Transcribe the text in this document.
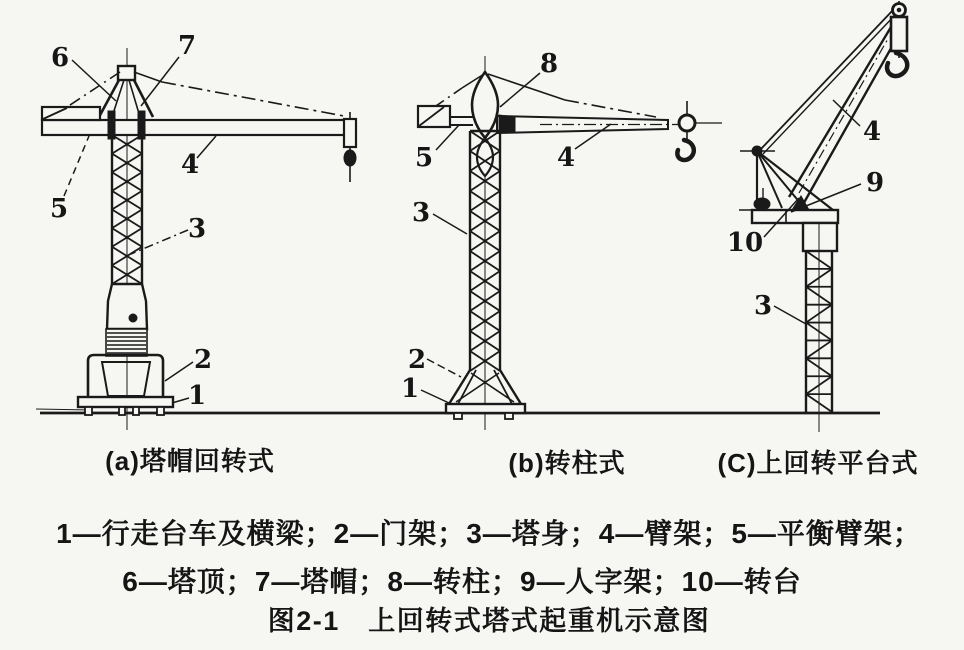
6	7
5
4
3
2
1
8
5	4
3
2
1
4
9
10
3
(a)塔帽回转式	(b)转柱式	(C)上回转平台式
1—行走台车及横梁；2—门架；3—塔身；4—臂架；5—平衡臂架；
6—塔顶；7—塔帽；8—转柱；9—人字架；10—转台
图2-1　上回转式塔式起重机示意图
